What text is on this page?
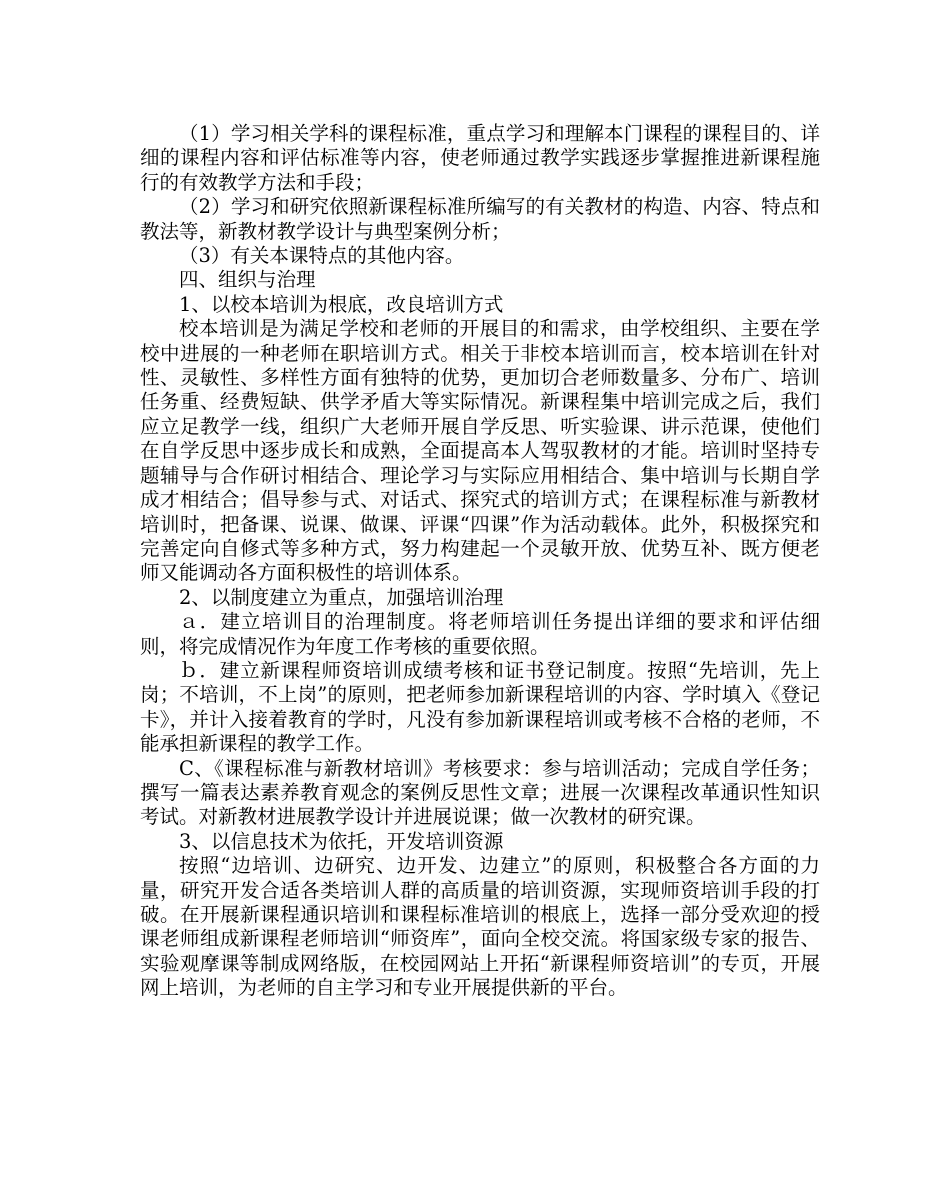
（1）学习相关学科的课程标准，重点学习和理解本门课程的课程目的、详细的课程内容和评估标准等内容，使老师通过教学实践逐步掌握推进新课程施行的有效教学方法和手段；

（2）学习和研究依照新课程标准所编写的有关教材的构造、内容、特点和教法等，新教材教学设计与典型案例分析；

（3）有关本课特点的其他内容。

四、组织与治理

1、以校本培训为根底，改良培训方式

校本培训是为满足学校和老师的开展目的和需求，由学校组织、主要在学校中进展的一种老师在职培训方式。相关于非校本培训而言，校本培训在针对性、灵敏性、多样性方面有独特的优势，更加切合老师数量多、分布广、培训任务重、经费短缺、供学矛盾大等实际情况。新课程集中培训完成之后，我们应立足教学一线，组织广大老师开展自学反思、听实验课、讲示范课，使他们在自学反思中逐步成长和成熟，全面提高本人驾驭教材的才能。培训时坚持专题辅导与合作研讨相结合、理论学习与实际应用相结合、集中培训与长期自学成才相结合；倡导参与式、对话式、探究式的培训方式；在课程标准与新教材培训时，把备课、说课、做课、评课“四课”作为活动载体。此外，积极探究和完善定向自修式等多种方式，努力构建起一个灵敏开放、优势互补、既方便老师又能调动各方面积极性的培训体系。

2、以制度建立为重点，加强培训治理

ａ．建立培训目的治理制度。将老师培训任务提出详细的要求和评估细则，将完成情况作为年度工作考核的重要依照。

ｂ．建立新课程师资培训成绩考核和证书登记制度。按照“先培训，先上岗；不培训，不上岗”的原则，把老师参加新课程培训的内容、学时填入《登记卡》，并计入接着教育的学时，凡没有参加新课程培训或考核不合格的老师，不能承担新课程的教学工作。

C、《课程标准与新教材培训》考核要求：参与培训活动；完成自学任务；撰写一篇表达素养教育观念的案例反思性文章；进展一次课程改革通识性知识考试。对新教材进展教学设计并进展说课；做一次教材的研究课。

3、以信息技术为依托，开发培训资源

按照“边培训、边研究、边开发、边建立”的原则，积极整合各方面的力量，研究开发合适各类培训人群的高质量的培训资源，实现师资培训手段的打破。在开展新课程通识培训和课程标准培训的根底上，选择一部分受欢迎的授课老师组成新课程老师培训“师资库”，面向全校交流。将国家级专家的报告、实验观摩课等制成网络版，在校园网站上开拓“新课程师资培训”的专页，开展网上培训，为老师的自主学习和专业开展提供新的平台。
